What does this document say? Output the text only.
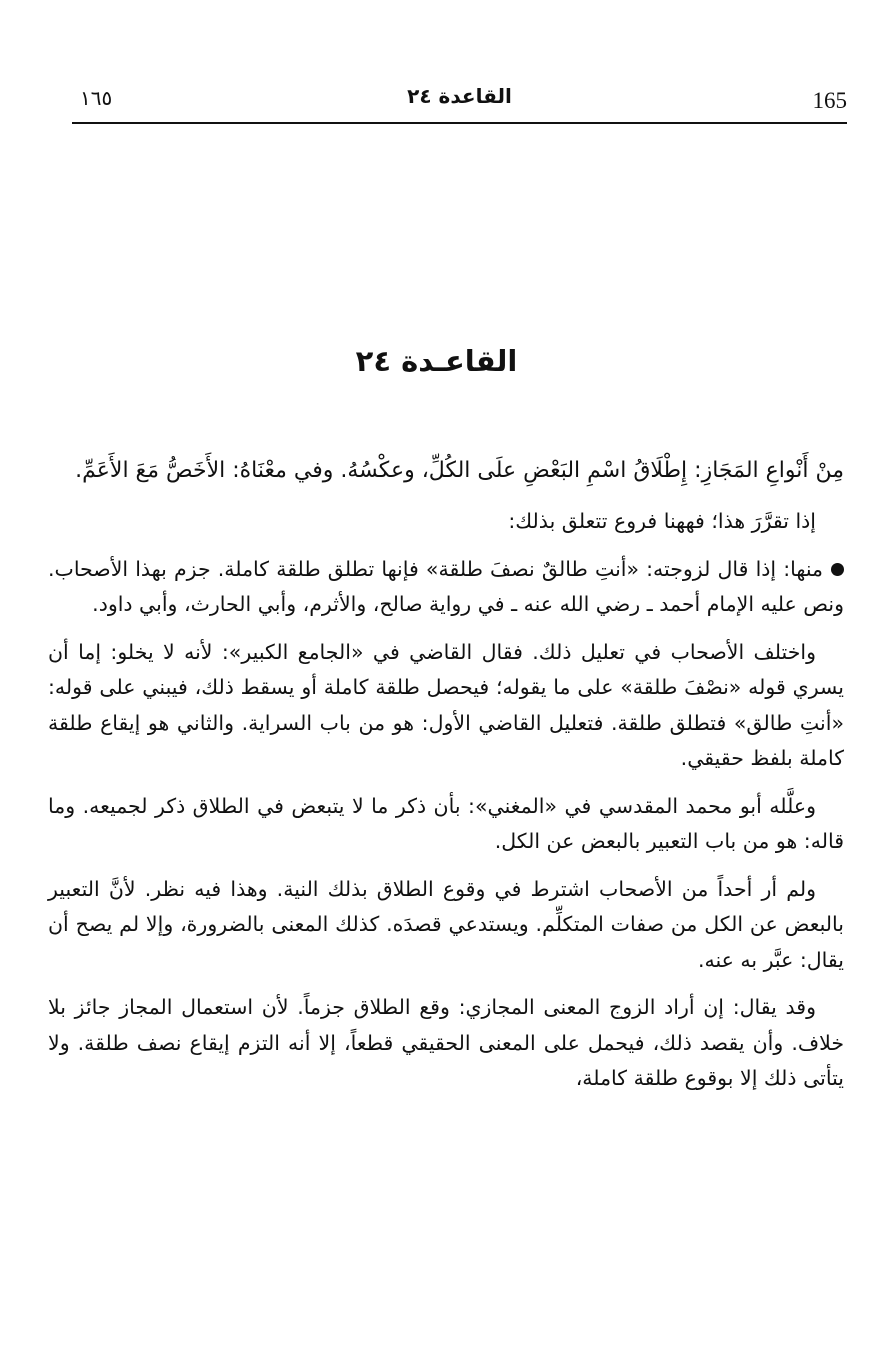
165
القاعدة ٢٤
١٦٥
القاعـدة ٢٤

مِنْ أَنْواعِ المَجَازِ: إِطْلَاقُ اسْمِ البَعْضِ علَى الكُلِّ، وعكْسُهُ. وفي معْنَاهُ: الأَخَصُّ مَعَ الأَعَمِّ.

إذا تقرَّرَ هذا؛ فههنا فروع تتعلق بذلك:

منها: إذا قال لزوجته: «أنتِ طالقٌ نصفَ طلقة» فإنها تطلق طلقة كاملة. جزم بهذا الأصحاب. ونص عليه الإمام أحمد ـ رضي الله عنه ـ في رواية صالح، والأثرم، وأبي الحارث، وأبي داود.

واختلف الأصحاب في تعليل ذلك. فقال القاضي في «الجامع الكبير»: لأنه لا يخلو: إما أن يسري قوله «نصْفَ طلقة» على ما يقوله؛ فيحصل طلقة كاملة أو يسقط ذلك، فيبني على قوله: «أنتِ طالق» فتطلق طلقة. فتعليل القاضي الأول: هو من باب السراية. والثاني هو إيقاع طلقة كاملة بلفظ حقيقي.

وعلَّله أبو محمد المقدسي في «المغني»: بأن ذكر ما لا يتبعض في الطلاق ذكر لجميعه. وما قاله: هو من باب التعبير بالبعض عن الكل.

ولم أر أحداً من الأصحاب اشترط في وقوع الطلاق بذلك النية. وهذا فيه نظر. لأنَّ التعبير بالبعض عن الكل من صفات المتكلِّم. ويستدعي قصدَه. كذلك المعنى بالضرورة، وإلا لم يصح أن يقال: عبَّر به عنه.

وقد يقال: إن أراد الزوج المعنى المجازي: وقع الطلاق جزماً. لأن استعمال المجاز جائز بلا خلاف. وأن يقصد ذلك، فيحمل على المعنى الحقيقي قطعاً، إلا أنه التزم إيقاع نصف طلقة. ولا يتأتى ذلك إلا بوقوع طلقة كاملة،
